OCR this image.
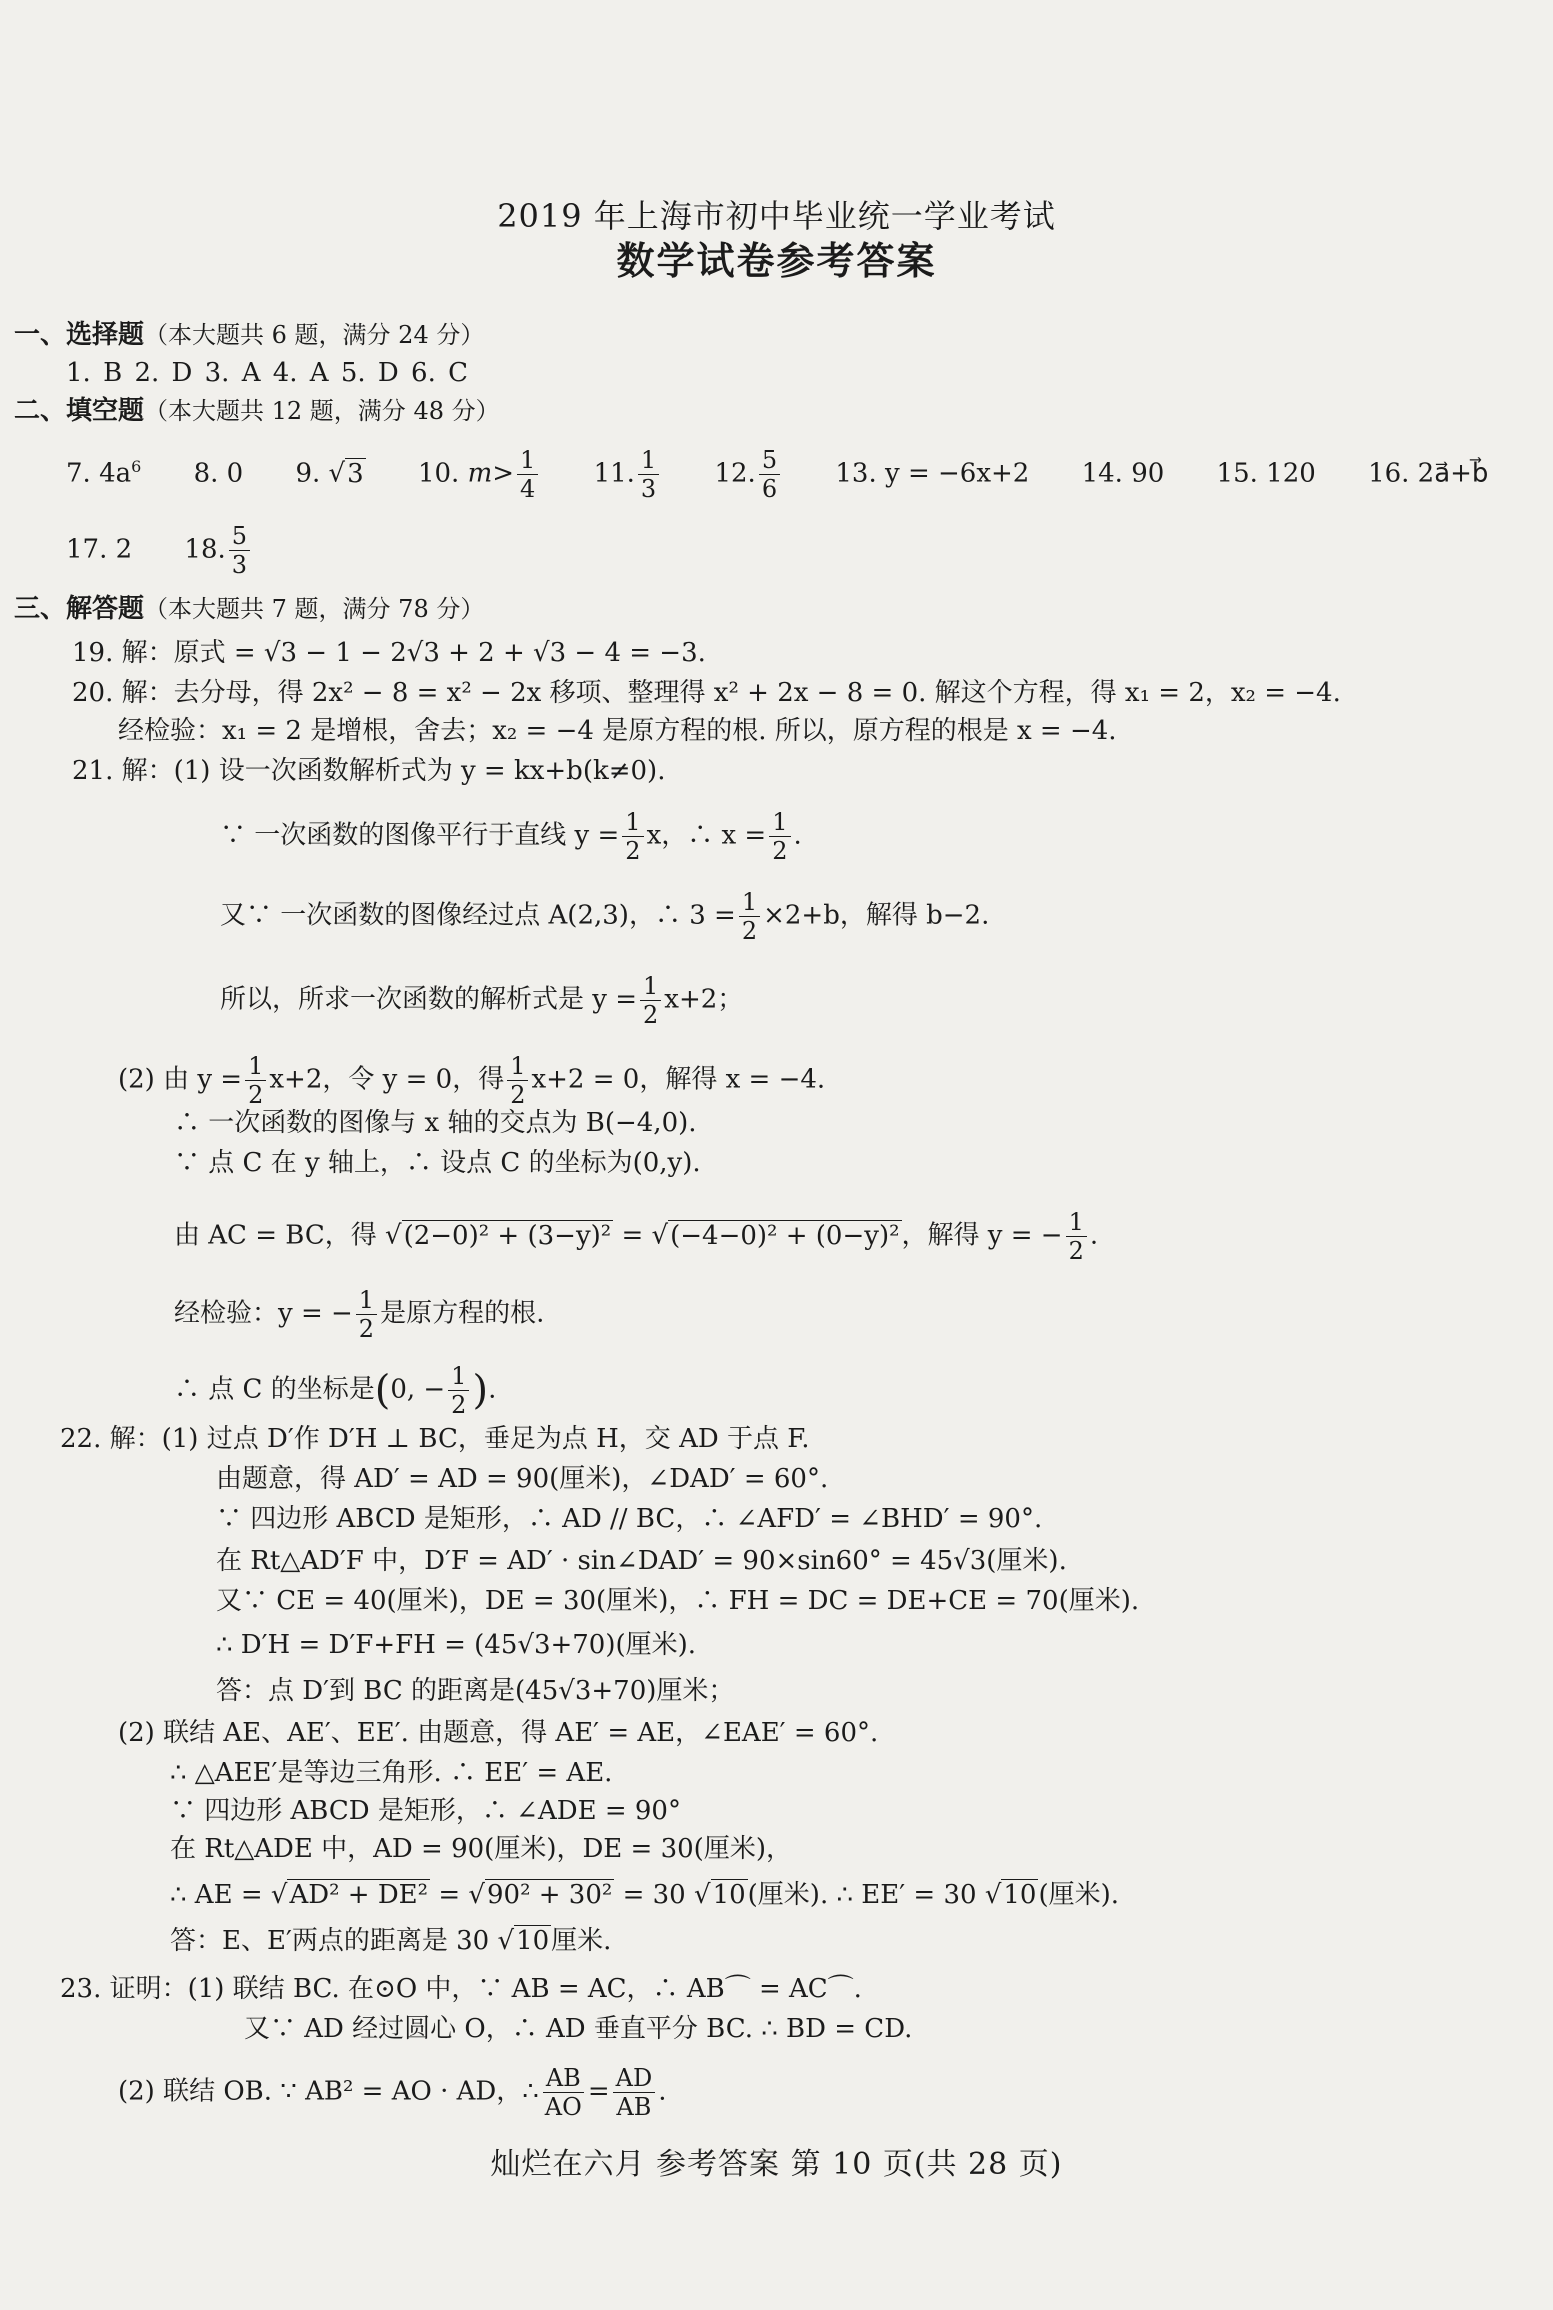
2019 年上海市初中毕业统一学业考试
数学试卷参考答案
一、选择题（本大题共 6 题，满分 24 分）
1. B 2. D 3. A 4. A 5. D 6. C
二、填空题（本大题共 12 题，满分 48 分）
7. $4a^6$ 8. 0 9. √3 10. $m> \frac{1}{4} 11$. $\frac{1}{3} 12$. $\frac{5}{6} 13$. y = −6x+2 14. 90 15. 120 16. 2a⃗+b⃗
17. 2 18. $\frac{5}{3}$
三、解答题（本大题共 7 题，满分 78 分）
19. 解：原式 = √3 − 1 − 2√3 + 2 + √3 − 4 = −3.
20. 解：去分母，得 2x² − 8 = x² − 2x 移项、整理得 x² + 2x − 8 = 0. 解这个方程，得 x₁ = 2，x₂ = −4.
经检验：x₁ = 2 是增根，舍去；x₂ = −4 是原方程的根. 所以，原方程的根是 x = −4.
21. 解：(1) 设一次函数解析式为 y = kx+b(k≠0).
∵ 一次函数的图像平行于直线 $y = \frac{1}{2}$ x，∴ $x = \frac{1}{2}$ .
又∵ 一次函数的图像经过点 A(2,3)，∴ $3 = \frac{1}{2} \times 2+b$，解得 b−2.
所以，所求一次函数的解析式是 $y = \frac{1}{2} x+2$；
(2) 由 $y = \frac{1}{2} x+2$，令 y = 0，得 $\frac{1}{2} x+2 = 0$，解得 x = −4.
∴ 一次函数的图像与 x 轴的交点为 B(−4,0).
∵ 点 C 在 y 轴上，∴ 设点 C 的坐标为(0,y).
由 AC = BC，得 √(2−0)² + (3−y)² = √(−4−0)² + (0−y)²，解得 y = − $\frac{1}{2}$ .
经检验：y = − $\frac{1}{2}$ 是原方程的根.
∴ 点 C 的坐标是(0, − $\frac{1}{2}$ ).
22. 解：(1) 过点 D′作 D′H ⊥ BC，垂足为点 H，交 AD 于点 F.
由题意，得 AD′ = AD = 90(厘米)，∠DAD′ = 60°.
∵ 四边形 ABCD 是矩形，∴ AD // BC，∴ ∠AFD′ = ∠BHD′ = 90°.
在 Rt△AD′F 中，D′F = AD′ · sin∠DAD′ = 90×sin60° = 45√3(厘米).
又∵ CE = 40(厘米)，DE = 30(厘米)，∴ FH = DC = DE+CE = 70(厘米).
∴ D′H = D′F+FH = (45√3+70)(厘米).
答：点 D′到 BC 的距离是(45√3+70)厘米；
(2) 联结 AE、AE′、EE′. 由题意，得 AE′ = AE，∠EAE′ = 60°.
∴ △AEE′是等边三角形. ∴ EE′ = AE.
∵ 四边形 ABCD 是矩形，∴ ∠ADE = 90°
在 Rt△ADE 中，AD = 90(厘米)，DE = 30(厘米)，
∴ AE = √AD² + DE² = √90² + 30² = 30 √10(厘米). ∴ EE′ = 30 √10(厘米).
答：E、E′两点的距离是 30 √10厘米.
23. 证明：(1) 联结 BC. 在⊙O 中，∵ AB = AC，∴ AB⌒ = AC⌒.
又∵ AD 经过圆心 O，∴ AD 垂直平分 BC. ∴ BD = CD.
(2) 联结 OB. ∵ AB² = AO · AD，∴ $\frac{AB}{AO} = \frac{AD}{AB}$ .
灿烂在六月 参考答案 第 10 页(共 28 页)
